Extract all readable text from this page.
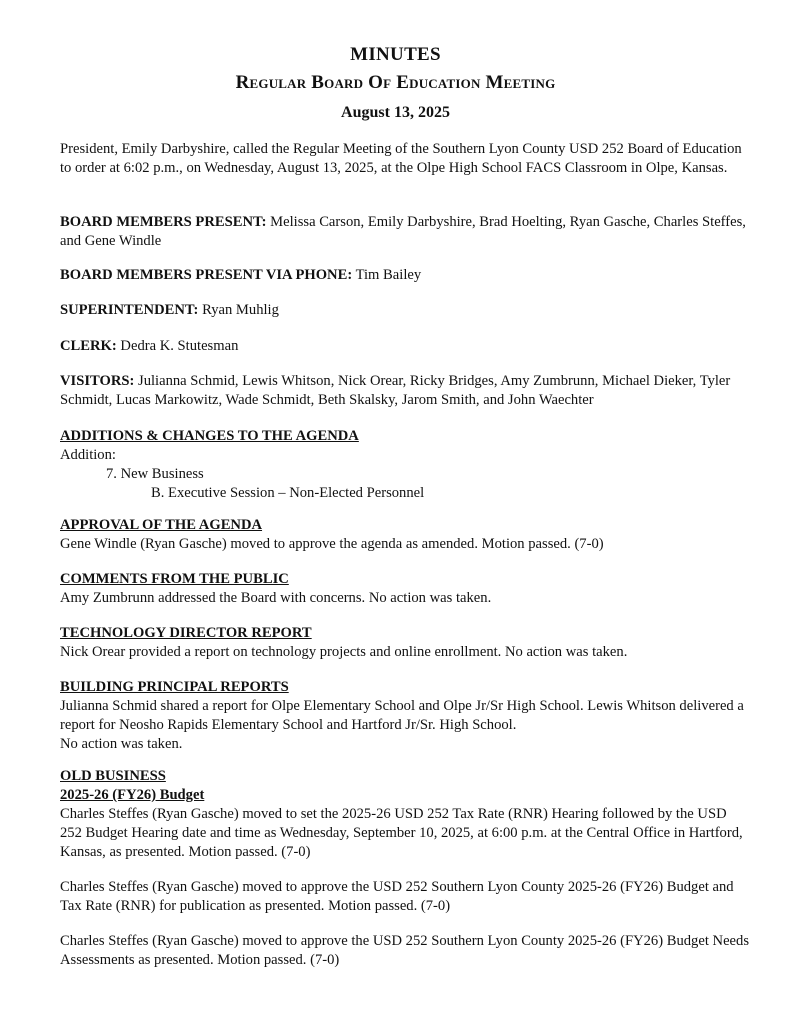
MINUTES
Regular Board Of Education Meeting
August 13, 2025
President, Emily Darbyshire, called the Regular Meeting of the Southern Lyon County USD 252 Board of Education to order at 6:02 p.m., on Wednesday, August 13, 2025, at the Olpe High School FACS Classroom in Olpe, Kansas.
BOARD MEMBERS PRESENT: Melissa Carson, Emily Darbyshire, Brad Hoelting, Ryan Gasche, Charles Steffes, and Gene Windle
BOARD MEMBERS PRESENT VIA PHONE: Tim Bailey
SUPERINTENDENT: Ryan Muhlig
CLERK: Dedra K. Stutesman
VISITORS: Julianna Schmid, Lewis Whitson, Nick Orear, Ricky Bridges, Amy Zumbrunn, Michael Dieker, Tyler Schmidt, Lucas Markowitz, Wade Schmidt, Beth Skalsky, Jarom Smith, and John Waechter
ADDITIONS & CHANGES TO THE AGENDA
Addition:
7. New Business
B. Executive Session – Non-Elected Personnel
APPROVAL OF THE AGENDA
Gene Windle (Ryan Gasche) moved to approve the agenda as amended. Motion passed. (7-0)
COMMENTS FROM THE PUBLIC
Amy Zumbrunn addressed the Board with concerns. No action was taken.
TECHNOLOGY DIRECTOR REPORT
Nick Orear provided a report on technology projects and online enrollment. No action was taken.
BUILDING PRINCIPAL REPORTS
Julianna Schmid shared a report for Olpe Elementary School and Olpe Jr/Sr High School. Lewis Whitson delivered a report for Neosho Rapids Elementary School and Hartford Jr/Sr. High School.
No action was taken.
OLD BUSINESS
2025-26 (FY26) Budget
Charles Steffes (Ryan Gasche) moved to set the 2025-26 USD 252 Tax Rate (RNR) Hearing followed by the USD 252 Budget Hearing date and time as Wednesday, September 10, 2025, at 6:00 p.m. at the Central Office in Hartford, Kansas, as presented. Motion passed. (7-0)
Charles Steffes (Ryan Gasche) moved to approve the USD 252 Southern Lyon County 2025-26 (FY26) Budget and Tax Rate (RNR) for publication as presented. Motion passed. (7-0)
Charles Steffes (Ryan Gasche) moved to approve the USD 252 Southern Lyon County 2025-26 (FY26) Budget Needs Assessments as presented. Motion passed. (7-0)
